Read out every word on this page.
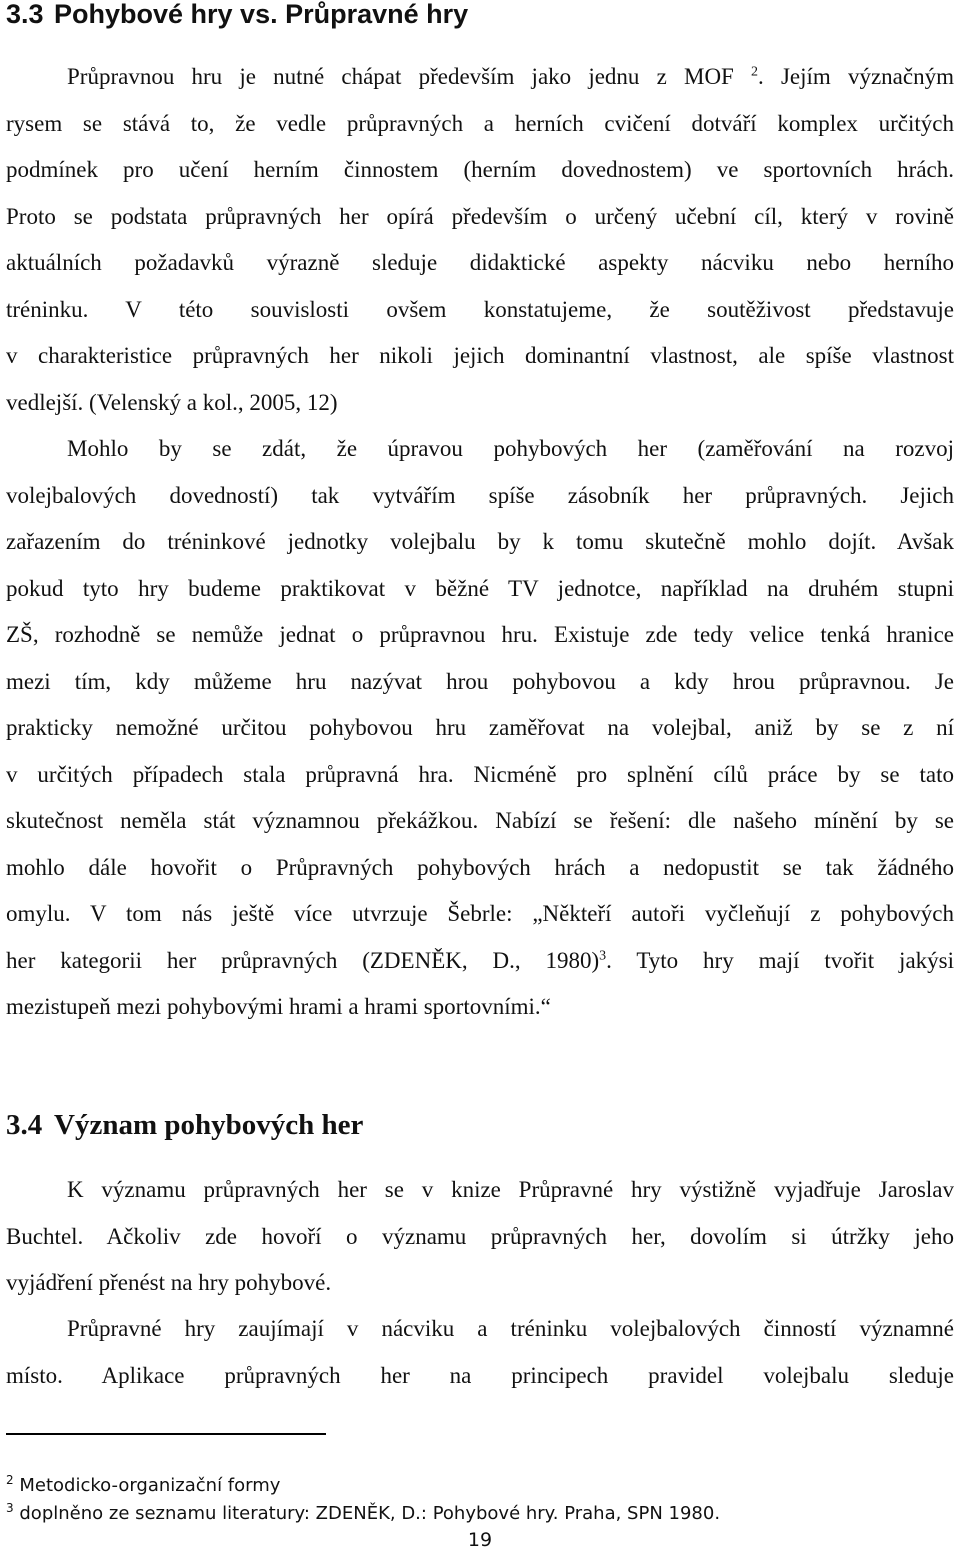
3.3 Pohybové hry vs. Průpravné hry
Průpravnou hru je nutné chápat především jako jednu z MOF $^2$. Jejím význačným
rysem se stává to, že vedle průpravných a herních cvičení dotváří komplex určitých
podmínek pro učení herním činnostem (herním dovednostem) ve sportovních hrách.
Proto se podstata průpravných her opírá především o určený učební cíl, který v rovině
aktuálních požadavků výrazně sleduje didaktické aspekty nácviku nebo herního
tréninku. V této souvislosti ovšem konstatujeme, že soutěživost představuje
v charakteristice průpravných her nikoli jejich dominantní vlastnost, ale spíše vlastnost
vedlejší. (Velenský a kol., 2005, 12)
Mohlo by se zdát, že úpravou pohybových her (zaměřování na rozvoj
volejbalových dovedností) tak vytvářím spíše zásobník her průpravných. Jejich
zařazením do tréninkové jednotky volejbalu by k tomu skutečně mohlo dojít. Avšak
pokud tyto hry budeme praktikovat v běžné TV jednotce, například na druhém stupni
ZŠ, rozhodně se nemůže jednat o průpravnou hru. Existuje zde tedy velice tenká hranice
mezi tím, kdy můžeme hru nazývat hrou pohybovou a kdy hrou průpravnou. Je
prakticky nemožné určitou pohybovou hru zaměřovat na volejbal, aniž by se z ní
v určitých případech stala průpravná hra. Nicméně pro splnění cílů práce by se tato
skutečnost neměla stát významnou překážkou. Nabízí se řešení: dle našeho mínění by se
mohlo dále hovořit o Průpravných pohybových hrách a nedopustit se tak žádného
omylu. V tom nás ještě více utvrzuje Šebrle: „Někteří autoři vyčleňují z pohybových
her kategorii her průpravných (ZDENĚK, D., 1980)$^3$. Tyto hry mají tvořit jakýsi
mezistupeň mezi pohybovými hrami a hrami sportovními.“
3.4 Význam pohybových her
K významu průpravných her se v knize Průpravné hry výstižně vyjadřuje Jaroslav
Buchtel. Ačkoliv zde hovoří o významu průpravných her, dovolím si útržky jeho
vyjádření přenést na hry pohybové.
Průpravné hry zaujímají v nácviku a tréninku volejbalových činností významné
místo. Aplikace průpravných her na principech pravidel volejbalu sleduje

$^2$ Metodicko-organizační formy

$^3$ doplněno ze seznamu literatury: ZDENĚK, D.: Pohybové hry. Praha, SPN 1980.

19
